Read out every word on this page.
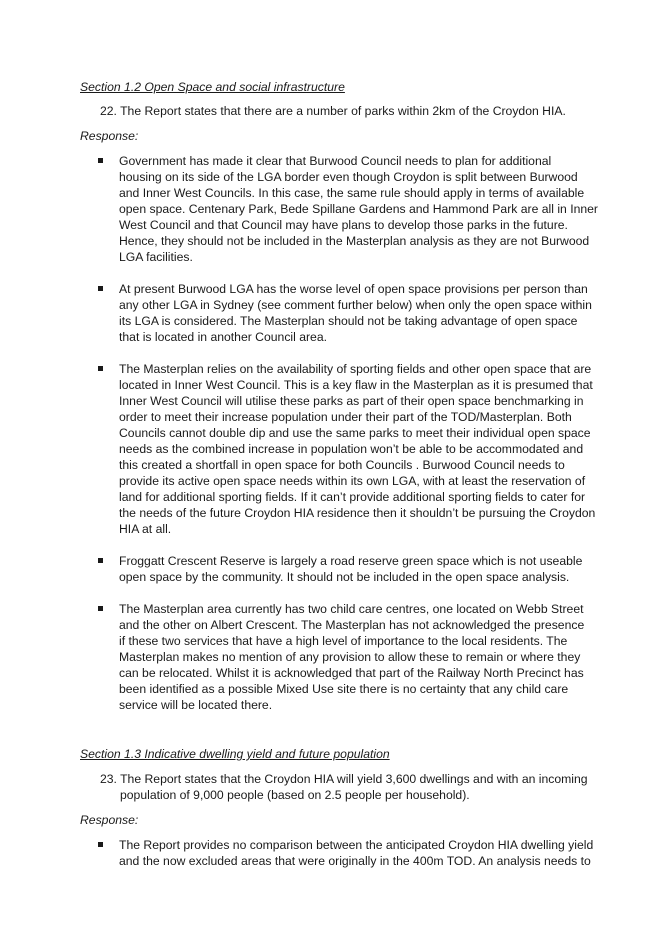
Section 1.2 Open Space and social infrastructure
22. The Report states that there are a number of parks within 2km of the Croydon HIA.
Response:
Government has made it clear that Burwood Council needs to plan for additional
housing on its side of the LGA border even though Croydon is split between Burwood
and Inner West Councils. In this case, the same rule should apply in terms of available
open space. Centenary Park, Bede Spillane Gardens and Hammond Park are all in Inner
West Council and that Council may have plans to develop those parks in the future.
Hence, they should not be included in the Masterplan analysis as they are not Burwood
LGA facilities.
At present Burwood LGA has the worse level of open space provisions per person than
any other LGA in Sydney (see comment further below) when only the open space within
its LGA is considered. The Masterplan should not be taking advantage of open space
that is located in another Council area.
The Masterplan relies on the availability of sporting fields and other open space that are
located in Inner West Council. This is a key flaw in the Masterplan as it is presumed that
Inner West Council will utilise these parks as part of their open space benchmarking in
order to meet their increase population under their part of the TOD/Masterplan. Both
Councils cannot double dip and use the same parks to meet their individual open space
needs as the combined increase in population won’t be able to be accommodated and
this created a shortfall in open space for both Councils . Burwood Council needs to
provide its active open space needs within its own LGA, with at least the reservation of
land for additional sporting fields. If it can’t provide additional sporting fields to cater for
the needs of the future Croydon HIA residence then it shouldn’t be pursuing the Croydon
HIA at all.
Froggatt Crescent Reserve is largely a road reserve green space which is not useable
open space by the community. It should not be included in the open space analysis.
The Masterplan area currently has two child care centres, one located on Webb Street
and the other on Albert Crescent. The Masterplan has not acknowledged the presence
if these two services that have a high level of importance to the local residents. The
Masterplan makes no mention of any provision to allow these to remain or where they
can be relocated. Whilst it is acknowledged that part of the Railway North Precinct has
been identified as a possible Mixed Use site there is no certainty that any child care
service will be located there.
Section 1.3 Indicative dwelling yield and future population
23. The Report states that the Croydon HIA will yield 3,600 dwellings and with an incoming
population of 9,000 people (based on 2.5 people per household).
Response:
The Report provides no comparison between the anticipated Croydon HIA dwelling yield
and the now excluded areas that were originally in the 400m TOD. An analysis needs to
